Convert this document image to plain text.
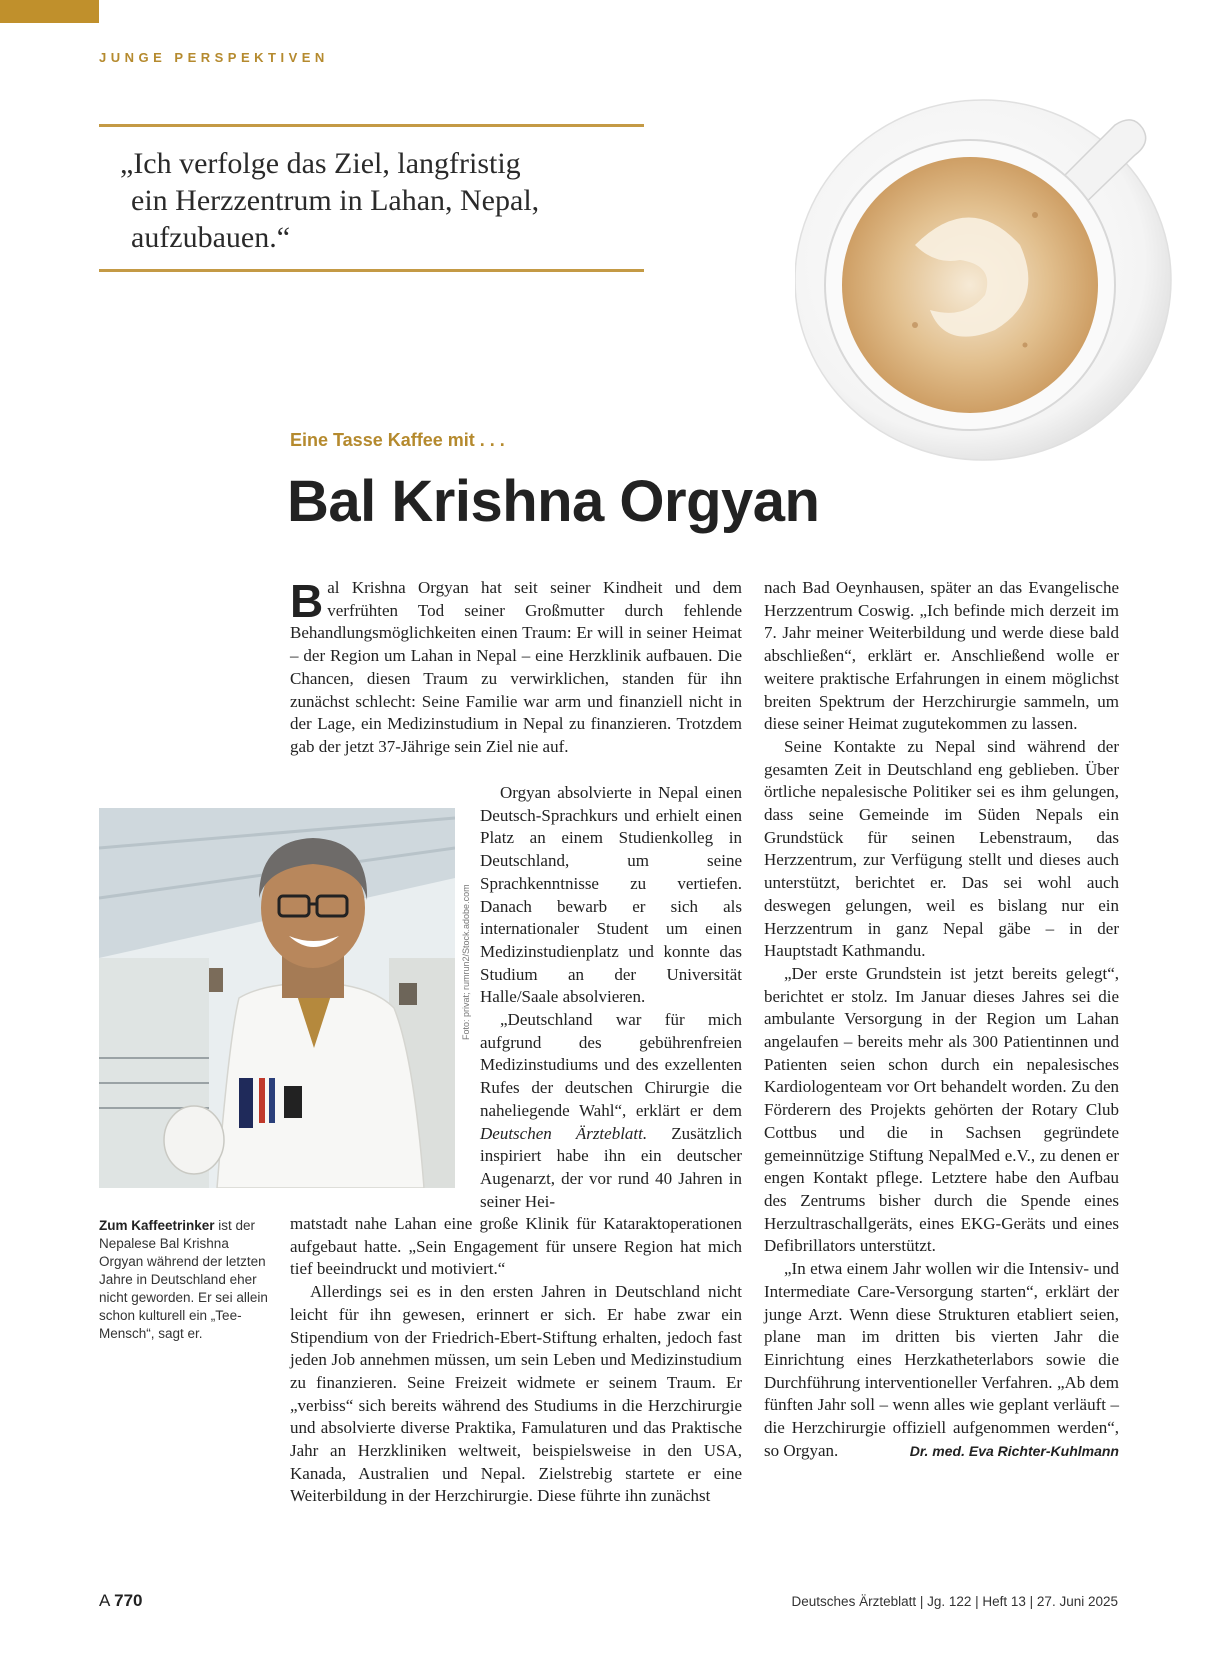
JUNGE PERSPEKTIVEN
„Ich verfolge das Ziel, langfristig
ein Herzzentrum in Lahan, Nepal,
aufzubauen.“
Eine Tasse Kaffee mit . . .
Bal Krishna Orgyan

Bal Krishna Orgyan hat seit seiner Kindheit und dem verfrühten Tod seiner Großmutter durch fehlende Behandlungsmöglichkeiten einen Traum: Er will in seiner Heimat – der Region um Lahan in Nepal – eine Herzklinik aufbauen. Die Chancen, diesen Traum zu verwirklichen, standen für ihn zunächst schlecht: Seine Familie war arm und finanziell nicht in der Lage, ein Medizinstudium in Nepal zu finanzieren. Trotzdem gab der jetzt 37-Jährige sein Ziel nie auf.

Orgyan absolvierte in Nepal einen Deutsch-Sprachkurs und erhielt einen Platz an einem Studienkolleg in Deutschland, um seine Sprachkenntnisse zu vertiefen. Danach bewarb er sich als internationaler Student um einen Medizinstudienplatz und konnte das Studium an der Universität Halle/Saale absolvieren.

„Deutschland war für mich aufgrund des gebührenfreien Medizinstudiums und des exzellenten Rufes der deutschen Chirurgie die naheliegende Wahl“, erklärt er dem Deutschen Ärzteblatt. Zusätzlich inspiriert habe ihn ein deutscher Augenarzt, der vor rund 40 Jahren in seiner Hei-

matstadt nahe Lahan eine große Klinik für Kataraktoperationen aufgebaut hatte. „Sein Engagement für unsere Region hat mich tief beeindruckt und motiviert.“

Allerdings sei es in den ersten Jahren in Deutschland nicht leicht für ihn gewesen, erinnert er sich. Er habe zwar ein Stipendium von der Friedrich-Ebert-Stiftung erhalten, jedoch fast jeden Job annehmen müssen, um sein Leben und Medizinstudium zu finanzieren. Seine Freizeit widmete er seinem Traum. Er „verbiss“ sich bereits während des Studiums in die Herzchirurgie und absolvierte diverse Praktika, Famulaturen und das Praktische Jahr an Herzkliniken weltweit, beispielsweise in den USA, Kanada, Australien und Nepal. Zielstrebig startete er eine Weiterbildung in der Herzchirurgie. Diese führte ihn zunächst

nach Bad Oeynhausen, später an das Evangelische Herzzentrum Coswig. „Ich befinde mich derzeit im 7. Jahr meiner Weiterbildung und werde diese bald abschließen“, erklärt er. Anschließend wolle er weitere praktische Erfahrungen in einem möglichst breiten Spektrum der Herzchirurgie sammeln, um diese seiner Heimat zugutekommen zu lassen.

Seine Kontakte zu Nepal sind während der gesamten Zeit in Deutschland eng geblieben. Über örtliche nepalesische Politiker sei es ihm gelungen, dass seine Gemeinde im Süden Nepals ein Grundstück für seinen Lebenstraum, das Herzzentrum, zur Verfügung stellt und dieses auch unterstützt, berichtet er. Das sei wohl auch deswegen gelungen, weil es bislang nur ein Herzzentrum in ganz Nepal gäbe – in der Hauptstadt Kathmandu.

„Der erste Grundstein ist jetzt bereits gelegt“, berichtet er stolz. Im Januar dieses Jahres sei die ambulante Versorgung in der Region um Lahan angelaufen – bereits mehr als 300 Patientinnen und Patienten seien schon durch ein nepalesisches Kardiologenteam vor Ort behandelt worden. Zu den Förderern des Projekts gehörten der Rotary Club Cottbus und die in Sachsen gegründete gemeinnützige Stiftung NepalMed e.V., zu denen er engen Kontakt pflege. Letztere habe den Aufbau des Zentrums bisher durch die Spende eines Herzultraschallgeräts, eines EKG-Geräts und eines Defibrillators unterstützt.

„In etwa einem Jahr wollen wir die Intensiv- und Intermediate Care-Versorgung starten“, erklärt der junge Arzt. Wenn diese Strukturen etabliert seien, plane man im dritten bis vierten Jahr die Einrichtung eines Herzkatheterlabors sowie die Durchführung interventioneller Verfahren. „Ab dem fünften Jahr soll – wenn alles wie geplant verläuft – die Herzchirurgie offiziell aufgenommen werden“, so Orgyan.	Dr. med. Eva Richter-Kuhlmann

Foto: privat; rumrun2/Stock.adobe.com
Zum Kaffeetrinker ist der Nepalese Bal Krishna Orgyan während der letzten Jahre in Deutschland eher nicht geworden. Er sei allein schon kulturell ein „Tee-Mensch“, sagt er.
A 770	Deutsches Ärzteblatt | Jg. 122 | Heft 13 | 27. Juni 2025
